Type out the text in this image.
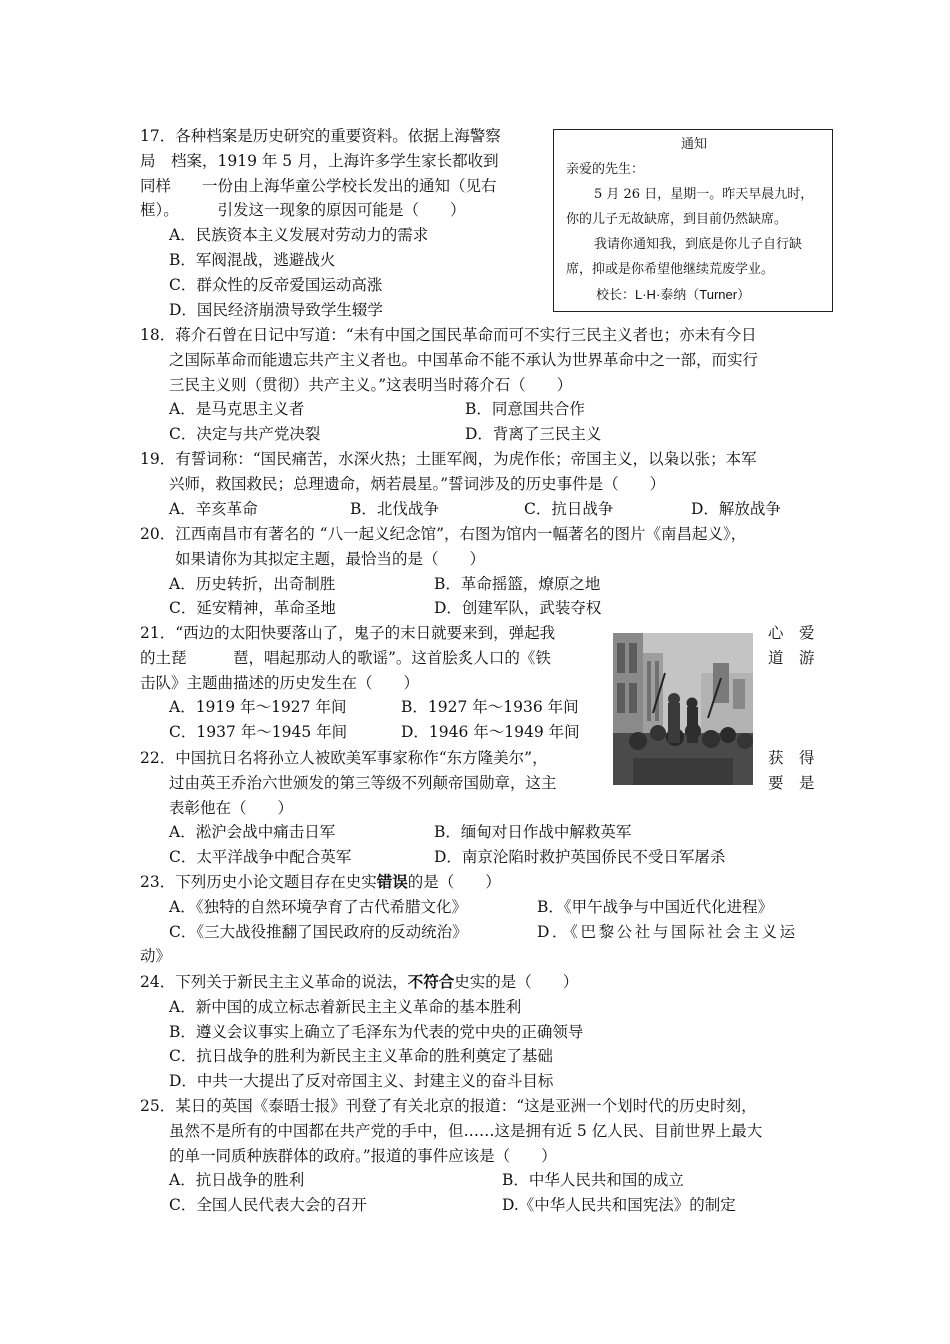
通知
亲爱的先生：
5 月 26 日，星期一。昨天早晨九时，
你的儿子无故缺席，到目前仍然缺席。
我请你通知我，到底是你儿子自行缺
席，抑或是你希望他继续荒废学业。
校长：L·H·泰纳（Turner）
17．各种档案是历史研究的重要资料。依据上海警察
局　档案，1919 年 5 月，上海许多学生家长都收到
同样　　一份由上海华童公学校长发出的通知（见右
框）。　　　引发这一现象的原因可能是（　　）
A．民族资本主义发展对劳动力的需求
B．军阀混战，逃避战火
C．群众性的反帝爱国运动高涨
D．国民经济崩溃导致学生辍学
18．蒋介石曾在日记中写道：“未有中国之国民革命而可不实行三民主义者也；亦未有今日
之国际革命而能遗忘共产主义者也。中国革命不能不承认为世界革命中之一部，而实行
三民主义则（贯彻）共产主义。”这表明当时蒋介石（　　）
A．是马克思主义者	B．同意国共合作
C．决定与共产党决裂	D．背离了三民主义
19．有誓词称：“国民痛苦，水深火热；土匪军阀，为虎作伥；帝国主义，以枭以张；本军
兴师，救国救民；总理遗命，炳若晨星。”誓词涉及的历史事件是（　　）
A．辛亥革命	B．北伐战争	C．抗日战争	D．解放战争
20．江西南昌市有著名的 “八一起义纪念馆”，右图为馆内一幅著名的图片《南昌起义》，
如果请你为其拟定主题，最恰当的是（　　）
A．历史转折，出奇制胜	B．革命摇篮，燎原之地
C．延安精神，革命圣地	D．创建军队，武装夺权
21．“西边的太阳快要落山了，鬼子的末日就要来到，弹起我
的土琵　　　琶，唱起那动人的歌谣”。这首脍炙人口的《铁
击队》主题曲描述的历史发生在（　　）
A．1919 年～1927 年间	B．1927 年～1936 年间
C．1937 年～1945 年间	D．1946 年～1949 年间
心　爱
道　游
22．中国抗日名将孙立人被欧美军事家称作“东方隆美尔”，
过由英王乔治六世颁发的第三等级不列颠帝国勋章，这主
表彰他在（　　）
A．淞沪会战中痛击日军	B．缅甸对日作战中解救英军
C．太平洋战争中配合英军	D．南京沦陷时救护英国侨民不受日军屠杀
获　得
要　是
23．下列历史小论文题目存在史实错误的是（　　）
A．《独特的自然环境孕育了古代希腊文化》	B．《甲午战争与中国近代化进程》
C．《三大战役推翻了国民政府的反动统治》	D．《巴黎公社与国际社会主义运
动》
24．下列关于新民主主义革命的说法，不符合史实的是（　　）
A．新中国的成立标志着新民主主义革命的基本胜利
B．遵义会议事实上确立了毛泽东为代表的党中央的正确领导
C．抗日战争的胜利为新民主主义革命的胜利奠定了基础
D．中共一大提出了反对帝国主义、封建主义的奋斗目标
25．某日的英国《泰晤士报》刊登了有关北京的报道：“这是亚洲一个划时代的历史时刻，
虽然不是所有的中国都在共产党的手中，但……这是拥有近 5 亿人民、目前世界上最大
的单一同质种族群体的政府。”报道的事件应该是（　　）
A．抗日战争的胜利	B．中华人民共和国的成立
C．全国人民代表大会的召开	D.《中华人民共和国宪法》的制定
